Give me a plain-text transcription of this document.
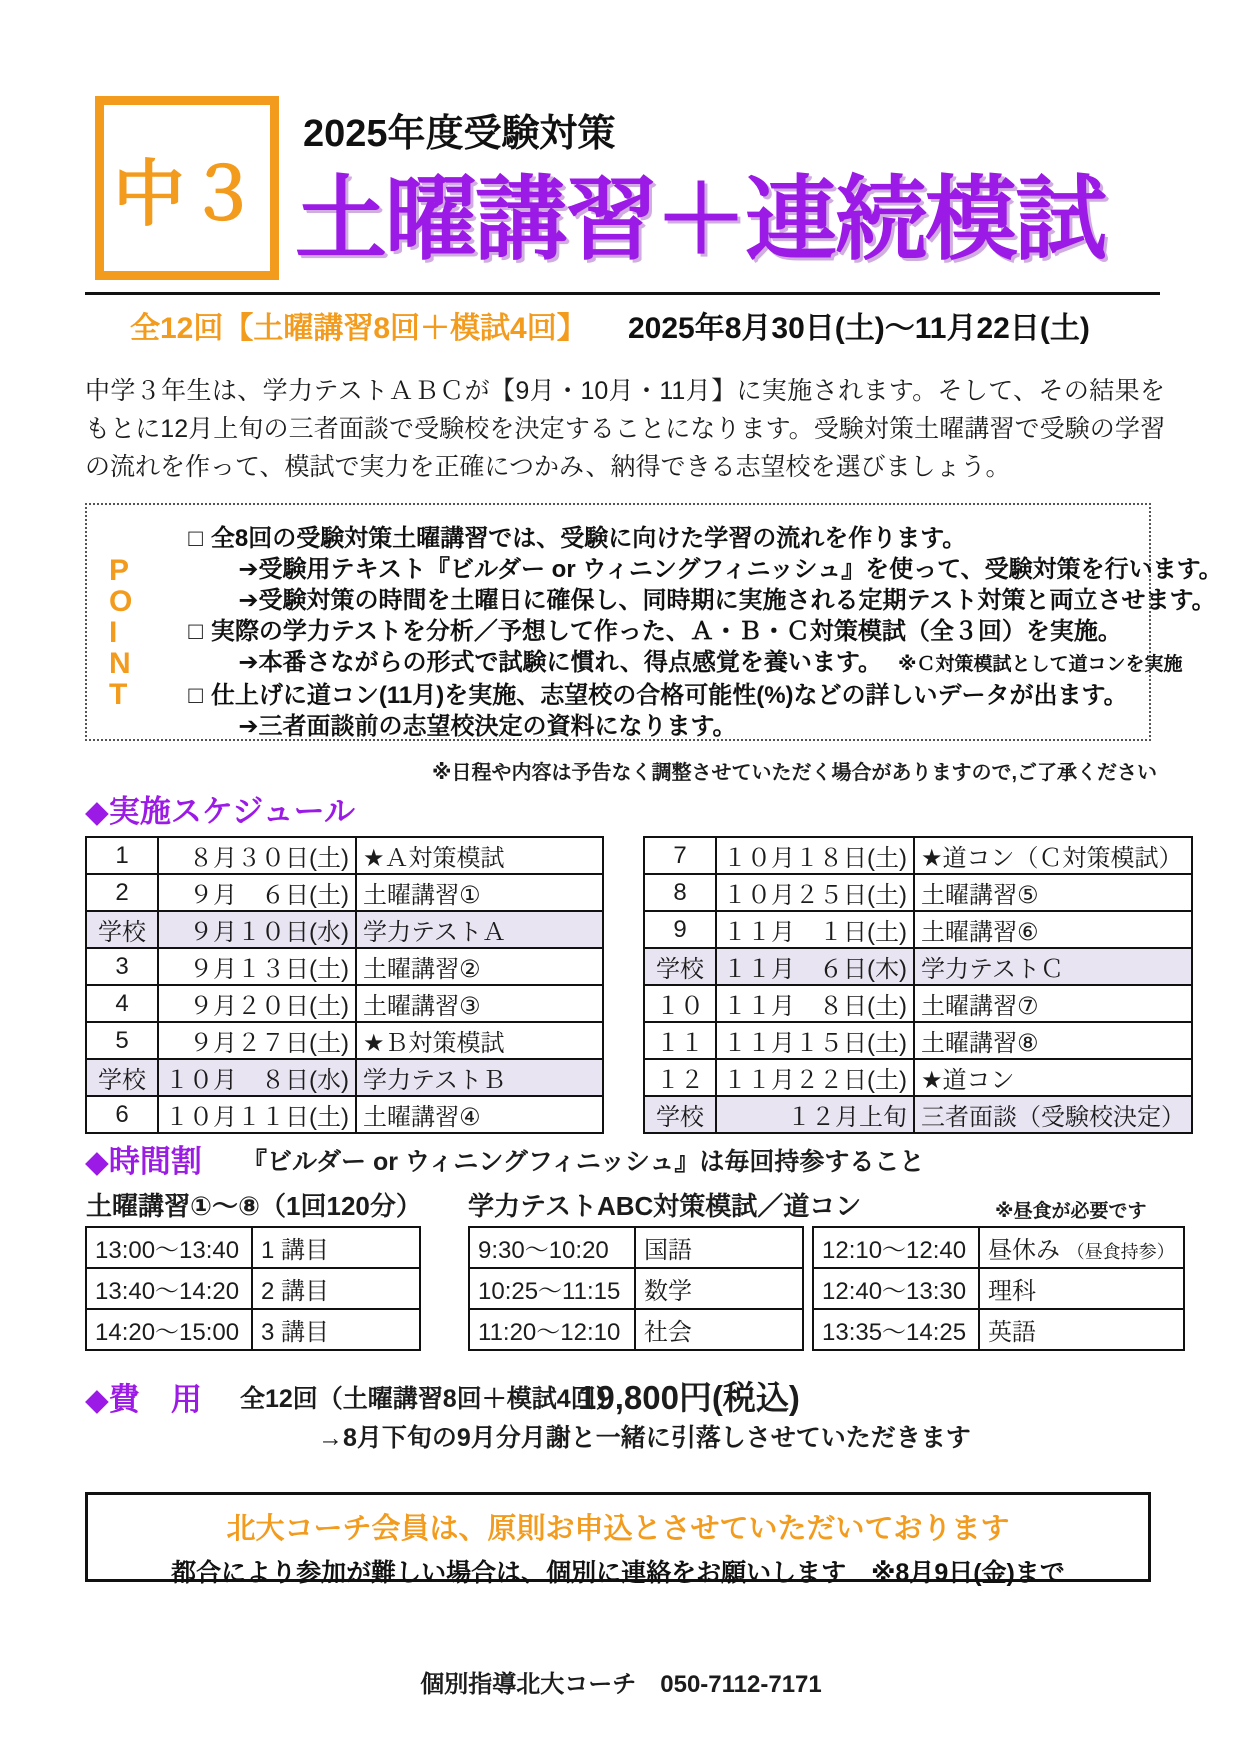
中３
2025年度受験対策
土曜講習＋連続模試
全12回【土曜講習8回＋模試4回】 2025年8月30日(土)～11月22日(土)

中学３年生は、学力テストＡＢＣが【9月・10月・11月】に実施されます。そして、その結果をもとに12月上旬の三者面談で受験校を決定することになります。受験対策土曜講習で受験の学習の流れを作って、模試で実力を正確につかみ、納得できる志望校を選びましょう。

P
O
I
N
T
□ 全8回の受験対策土曜講習では、受験に向けた学習の流れを作ります。
➔受験用テキスト『ビルダー or ウィニングフィニッシュ』を使って、受験対策を行います。
➔受験対策の時間を土曜日に確保し、同時期に実施される定期テスト対策と両立させます。
□ 実際の学力テストを分析／予想して作った、Ａ・Ｂ・Ｃ対策模試（全３回）を実施。
➔本番さながらの形式で試験に慣れ、得点感覚を養います。 ※Ｃ対策模試として道コンを実施
□ 仕上げに道コン(11月)を実施、志望校の合格可能性(%)などの詳しいデータが出ます。
➔三者面談前の志望校決定の資料になります。
※日程や内容は予告なく調整させていただく場合がありますので,ご了承ください
◆実施スケジュール
1	８月３０日(土)	★Ａ対策模試
2	９月　６日(土)	土曜講習①
学校	９月１０日(水)	学力テストＡ
3	９月１３日(土)	土曜講習②
4	９月２０日(土)	土曜講習③
5	９月２７日(土)	★Ｂ対策模試
学校	１０月　８日(水)	学力テストＢ
6	１０月１１日(土)	土曜講習④
7	１０月１８日(土)	★道コン（Ｃ対策模試）
8	１０月２５日(土)	土曜講習⑤
9	１１月　１日(土)	土曜講習⑥
学校	１１月　６日(木)	学力テストＣ
１０	１１月　８日(土)	土曜講習⑦
１１	１１月１５日(土)	土曜講習⑧
１２	１１月２２日(土)	★道コン
学校	１２月上旬	三者面談（受験校決定）
◆時間割 『ビルダー or ウィニングフィニッシュ』は毎回持参すること
土曜講習①～⑧（1回120分） 学力テストABC対策模試／道コン	※昼食が必要です
13:00～13:40	1 講目
13:40～14:20	2 講目
14:20～15:00	3 講目
9:30～10:20	国語
10:25～11:15	数学
11:20～12:10	社会
12:10～12:40	昼休み （昼食持参）
12:40～13:30	理科
13:35～14:25	英語
◆費　用 全12回（土曜講習8回＋模試4回）
19,800円(税込)
→8月下旬の9月分月謝と一緒に引落しさせていただきます
北大コーチ会員は、原則お申込とさせていただいております
都合により参加が難しい場合は、個別に連絡をお願いします　※8月9日(金)まで
個別指導北大コーチ　050-7112-7171
